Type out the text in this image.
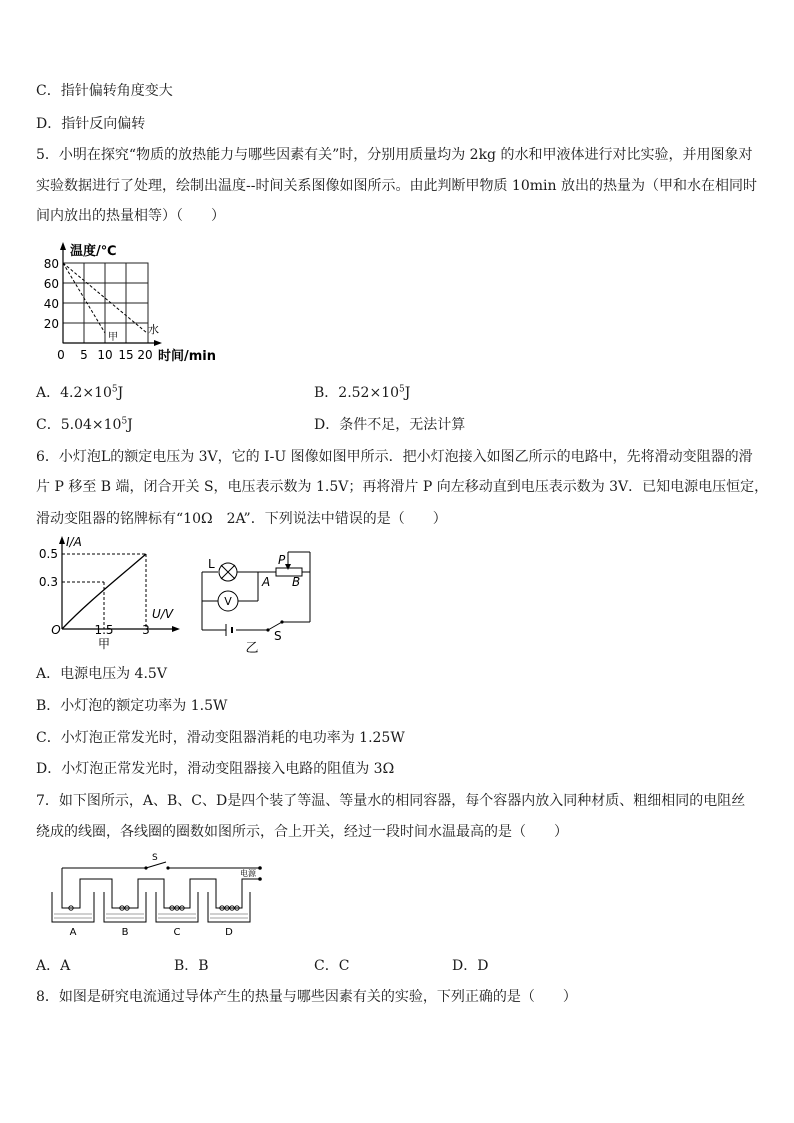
C．指针偏转角度变大
D．指针反向偏转
5．小明在探究“物质的放热能力与哪些因素有关”时，分别用质量均为 2kg 的水和甲液体进行对比实验，并用图象对
实验数据进行了处理，绘制出温度--时间关系图像如图所示。由此判断甲物质 10min 放出的热量为（甲和水在相同时
间内放出的热量相等）（　　）
温度/℃
80
60
40
20
0 5 10 15 20 时间/min
甲
水
A．$4.2\times 10^5J$	B．$2.52\times 10^5J$
C．$5.04\times 10^5J$	D．条件不足，无法计算
6．小灯泡L的额定电压为 3V，它的 I-U 图像如图甲所示．把小灯泡接入如图乙所示的电路中，先将滑动变阻器的滑
片 P 移至 B 端，闭合开关 S，电压表示数为 1.5V；再将滑片 P 向左移动直到电压表示数为 3V．已知电源电压恒定，
滑动变阻器的铭牌标有“10Ω　2A”．下列说法中错误的是（　　）
I/A
0.5
0.3
O	1.5 3
U/V
甲
L
V
P
A B
S
乙
A．电源电压为 4.5V
B．小灯泡的额定功率为 1.5W
C．小灯泡正常发光时，滑动变阻器消耗的电功率为 1.25W
D．小灯泡正常发光时，滑动变阻器接入电路的阻值为 3Ω
7．如下图所示，A、B、C、D是四个装了等温、等量水的相同容器，每个容器内放入同种材质、粗细相同的电阻丝
绕成的线圈，各线圈的圈数如图所示，合上开关，经过一段时间水温最高的是（　　）
S
电源
A	B	C	D
A．A	B．B	C．C	D．D
8．如图是研究电流通过导体产生的热量与哪些因素有关的实验，下列正确的是（　　）
